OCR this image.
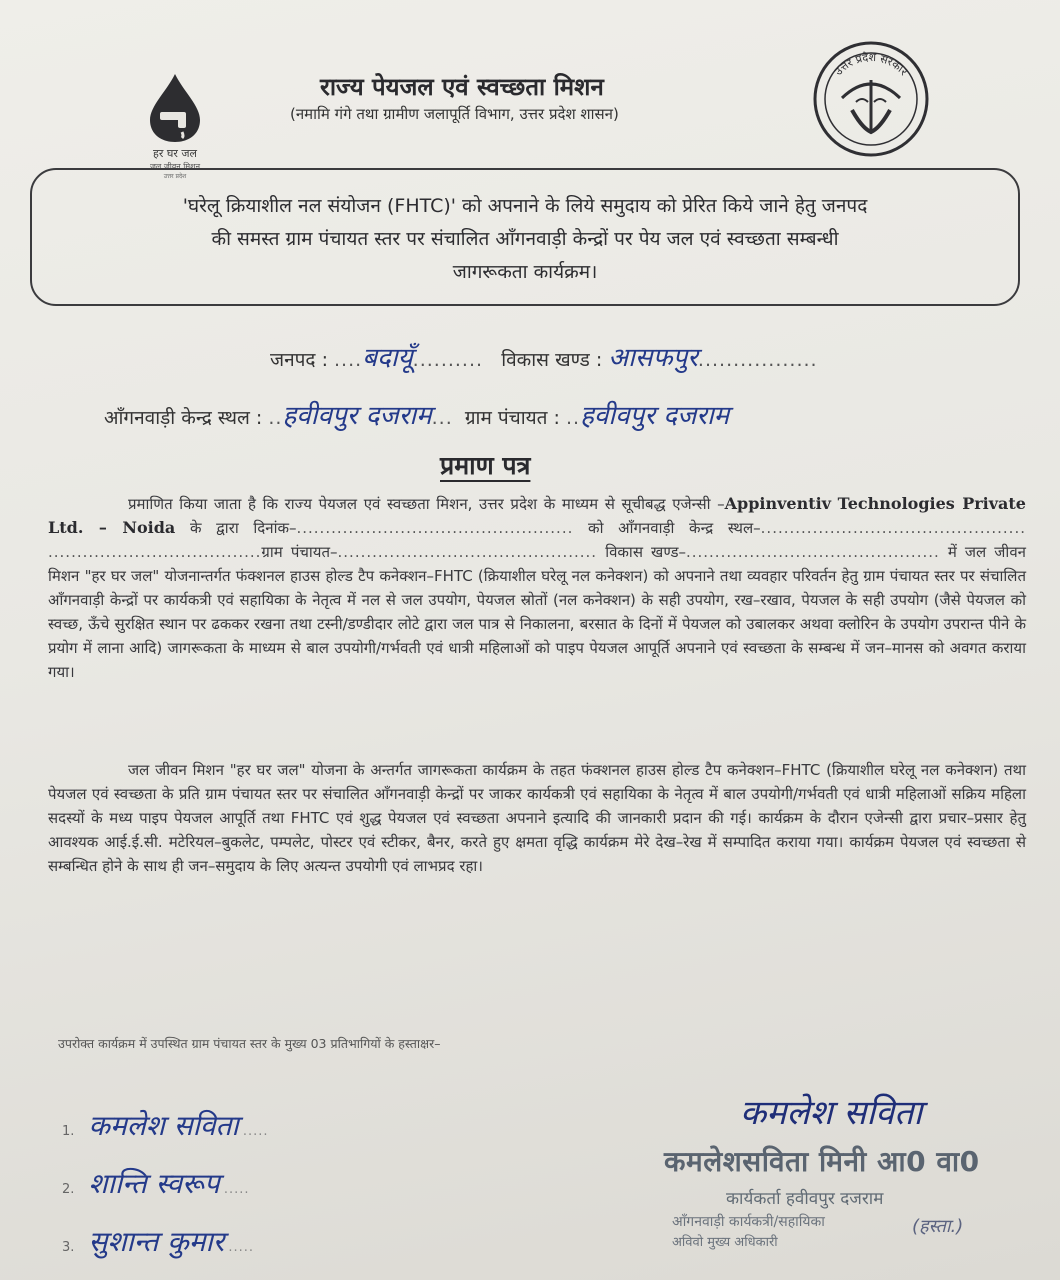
हर घर जल
जल जीवन मिशन
उत्तर प्रदेश
राज्य पेयजल एवं स्वच्छता मिशन
(नमामि गंगे तथा ग्रामीण जलापूर्ति विभाग, उत्तर प्रदेश शासन)
उत्तर प्रदेश सरकार

'घरेलू क्रियाशील नल संयोजन (FHTC)' को अपनाने के लिये समुदाय को प्रेरित किये जाने हेतु जनपद

की समस्त ग्राम पंचायत स्तर पर संचालित आँगनवाड़ी केन्द्रों पर पेय जल एवं स्वच्छता सम्बन्धी

जागरूकता कार्यक्रम।

जनपद : ....बदायूँ.......... विकास खण्ड : आसफपुर.................
आँगनवाड़ी केन्द्र स्थल : ..हवीवपुर दजराम... ग्राम पंचायत : ..हवीवपुर दजराम
प्रमाण पत्र

प्रमाणित किया जाता है कि राज्य पेयजल एवं स्वच्छता मिशन, उत्तर प्रदेश के माध्यम से सूचीबद्ध एजेन्सी –Appinventiv Technologies Private Ltd. – Noida के द्वारा दिनांक–................................................ को आँगनवाड़ी केन्द्र स्थल–.............................................. .....................................ग्राम पंचायत–............................................. विकास खण्ड–............................................ में जल जीवन मिशन "हर घर जल" योजनान्तर्गत फंक्शनल हाउस होल्ड टैप कनेक्शन–FHTC (क्रियाशील घरेलू नल कनेक्शन) को अपनाने तथा व्यवहार परिवर्तन हेतु ग्राम पंचायत स्तर पर संचालित आँगनवाड़ी केन्द्रों पर कार्यकत्री एवं सहायिका के नेतृत्व में नल से जल उपयोग, पेयजल स्रोतों (नल कनेक्शन) के सही उपयोग, रख–रखाव, पेयजल के सही उपयोग (जैसे पेयजल को स्वच्छ, ऊँचे सुरक्षित स्थान पर ढककर रखना तथा टस्नी/डण्डीदार लोटे द्वारा जल पात्र से निकालना, बरसात के दिनों में पेयजल को उबालकर अथवा क्लोरिन के उपयोग उपरान्त पीने के प्रयोग में लाना आदि) जागरूकता के माध्यम से बाल उपयोगी/गर्भवती एवं धात्री महिलाओं को पाइप पेयजल आपूर्ति अपनाने एवं स्वच्छता के सम्बन्ध में जन–मानस को अवगत कराया गया।

जल जीवन मिशन "हर घर जल" योजना के अन्तर्गत जागरूकता कार्यक्रम के तहत फंक्शनल हाउस होल्ड टैप कनेक्शन–FHTC (क्रियाशील घरेलू नल कनेक्शन) तथा पेयजल एवं स्वच्छता के प्रति ग्राम पंचायत स्तर पर संचालित आँगनवाड़ी केन्द्रों पर जाकर कार्यकत्री एवं सहायिका के नेतृत्व में बाल उपयोगी/गर्भवती एवं धात्री महिलाओं सक्रिय महिला सदस्यों के मध्य पाइप पेयजल आपूर्ति तथा FHTC एवं शुद्ध पेयजल एवं स्वच्छता अपनाने इत्यादि की जानकारी प्रदान की गई। कार्यक्रम के दौरान एजेन्सी द्वारा प्रचार–प्रसार हेतु आवश्यक आई.ई.सी. मटेरियल–बुकलेट, पम्पलेट, पोस्टर एवं स्टीकर, बैनर, करते हुए क्षमता वृद्धि कार्यक्रम मेरे देख–रेख में सम्पादित कराया गया। कार्यक्रम पेयजल एवं स्वच्छता से सम्बन्धित होने के साथ ही जन–समुदाय के लिए अत्यन्त उपयोगी एवं लाभप्रद रहा।

उपरोक्त कार्यक्रम में उपस्थित ग्राम पंचायत स्तर के मुख्य 03 प्रतिभागियों के हस्ताक्षर–
1. कमलेश सविता .....
2. शान्ति स्वरूप .....
3. सुशान्त कुमार .....
कमलेश सविता
कमलेशसविता मिनी आ0 वा0
कार्यकर्ता हवीवपुर दजराम
आँगनवाड़ी कार्यकत्री/सहायिका
अविवो मुख्य अधिकारी
(हस्ता.)
